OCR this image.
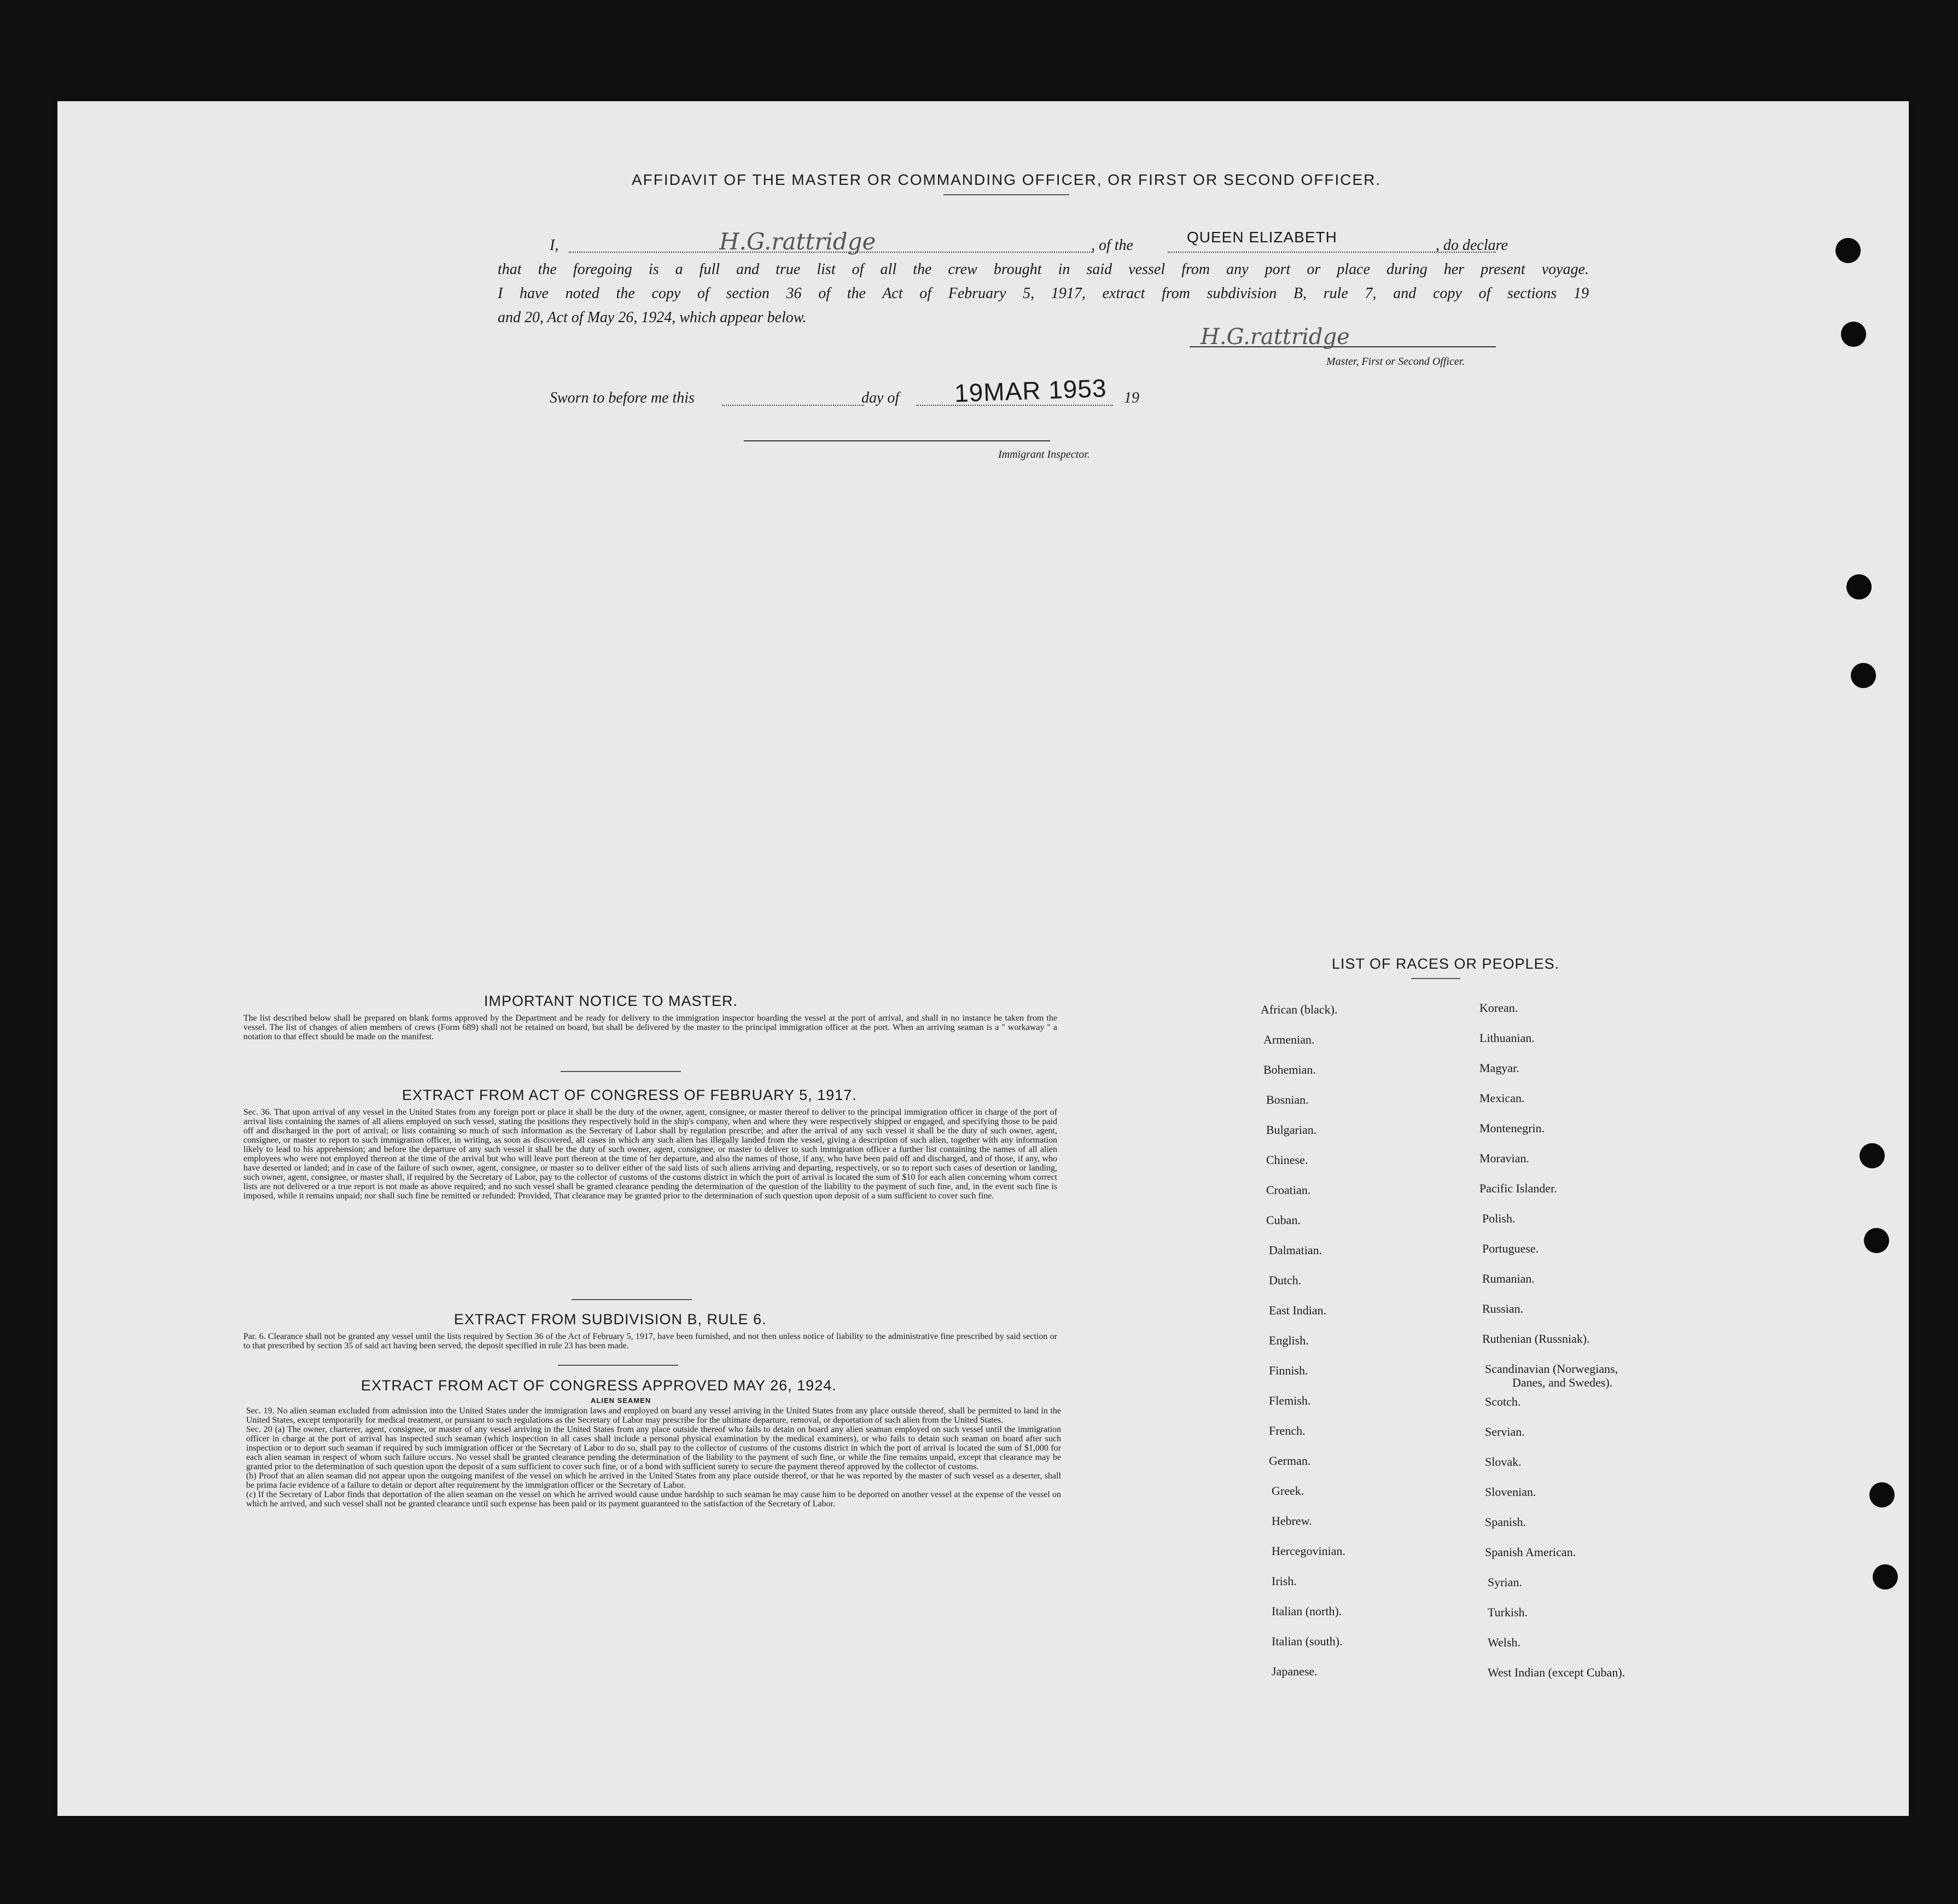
AFFIDAVIT OF THE MASTER OR COMMANDING OFFICER, OR FIRST OR SECOND OFFICER.
I,	H.G.rattridge	, of the	QUEEN ELIZABETH	, do declare
that the foregoing is a full and true list of all the crew brought in said vessel from any port or place during her present voyage.
I have noted the copy of section 36 of the Act of February 5, 1917, extract from subdivision B, rule 7, and copy of sections 19
and 20, Act of May 26, 1924, which appear below.
H.G.rattridge
Master, First or Second Officer.
Sworn to before me this	day of 19MAR 1953 19
Immigrant Inspector.
IMPORTANT NOTICE TO MASTER.
The list described below shall be prepared on blank forms approved by the Department and be ready for delivery to the immigration inspector boarding the vessel at the port of arrival, and shall in no instance be taken from the vessel. The list of changes of alien members of crews (Form 689) shall not be retained on board, but shall be delivered by the master to the principal immigration officer at the port. When an arriving seaman is a " workaway " a notation to that effect should be made on the manifest.
EXTRACT FROM ACT OF CONGRESS OF FEBRUARY 5, 1917.
Sec. 36. That upon arrival of any vessel in the United States from any foreign port or place it shall be the duty of the owner, agent, consignee, or master thereof to deliver to the principal immigration officer in charge of the port of arrival lists containing the names of all aliens employed on such vessel, stating the positions they respectively hold in the ship's company, when and where they were respectively shipped or engaged, and specifying those to be paid off and discharged in the port of arrival; or lists containing so much of such information as the Secretary of Labor shall by regulation prescribe; and after the arrival of any such vessel it shall be the duty of such owner, agent, consignee, or master to report to such immigration officer, in writing, as soon as discovered, all cases in which any such alien has illegally landed from the vessel, giving a description of such alien, together with any information likely to lead to his apprehension; and before the departure of any such vessel it shall be the duty of such owner, agent, consignee, or master to deliver to such immigration officer a further list containing the names of all alien employees who were not employed thereon at the time of the arrival but who will leave port thereon at the time of her departure, and also the names of those, if any, who have been paid off and discharged, and of those, if any, who have deserted or landed; and in case of the failure of such owner, agent, consignee, or master so to deliver either of the said lists of such aliens arriving and departing, respectively, or so to report such cases of desertion or landing, such owner, agent, consignee, or master shall, if required by the Secretary of Labor, pay to the collector of customs of the customs district in which the port of arrival is located the sum of $10 for each alien concerning whom correct lists are not delivered or a true report is not made as above required; and no such vessel shall be granted clearance pending the determination of the question of the liability to the payment of such fine, and, in the event such fine is imposed, while it remains unpaid; nor shall such fine be remitted or refunded: Provided, That clearance may be granted prior to the determination of such question upon deposit of a sum sufficient to cover such fine.
EXTRACT FROM SUBDIVISION B, RULE 6.
Par. 6. Clearance shall not be granted any vessel until the lists required by Section 36 of the Act of February 5, 1917, have been furnished, and not then unless notice of liability to the administrative fine prescribed by said section or to that prescribed by section 35 of said act having been served, the deposit specified in rule 23 has been made.
EXTRACT FROM ACT OF CONGRESS APPROVED MAY 26, 1924.
ALIEN SEAMEN
Sec. 19. No alien seaman excluded from admission into the United States under the immigration laws and employed on board any vessel arriving in the United States from any place outside thereof, shall be permitted to land in the United States, except temporarily for medical treatment, or pursuant to such regulations as the Secretary of Labor may prescribe for the ultimate departure, removal, or deportation of such alien from the United States.
Sec. 20 (a) The owner, charterer, agent, consignee, or master of any vessel arriving in the United States from any place outside thereof who fails to detain on board any alien seaman employed on such vessel until the immigration officer in charge at the port of arrival has inspected such seaman (which inspection in all cases shall include a personal physical examination by the medical examiners), or who fails to detain such seaman on board after such inspection or to deport such seaman if required by such immigration officer or the Secretary of Labor to do so, shall pay to the collector of customs of the customs district in which the port of arrival is located the sum of $1,000 for each alien seaman in respect of whom such failure occurs. No vessel shall be granted clearance pending the determination of the liability to the payment of such fine, or while the fine remains unpaid, except that clearance may be granted prior to the determination of such question upon the deposit of a sum sufficient to cover such fine, or of a bond with sufficient surety to secure the payment thereof approved by the collector of customs.
(b) Proof that an alien seaman did not appear upon the outgoing manifest of the vessel on which he arrived in the United States from any place outside thereof, or that he was reported by the master of such vessel as a deserter, shall be prima facie evidence of a failure to detain or deport after requirement by the immigration officer or the Secretary of Labor.
(c) If the Secretary of Labor finds that deportation of the alien seaman on the vessel on which he arrived would cause undue hardship to such seaman he may cause him to be deported on another vessel at the expense of the vessel on which he arrived, and such vessel shall not be granted clearance until such expense has been paid or its payment guaranteed to the satisfaction of the Secretary of Labor.
LIST OF RACES OR PEOPLES.
African (black).
Armenian.
Bohemian.
Bosnian.
Bulgarian.
Chinese.
Croatian.
Cuban.
Dalmatian.
Dutch.
East Indian.
English.
Finnish.
Flemish.
French.
German.
Greek.
Hebrew.
Hercegovinian.
Irish.
Italian (north).
Italian (south).
Japanese.
Korean.
Lithuanian.
Magyar.
Mexican.
Montenegrin.
Moravian.
Pacific Islander.
Polish.
Portuguese.
Rumanian.
Russian.
Ruthenian (Russniak).
Scandinavian (Norwegians,
Danes, and Swedes).
Scotch.
Servian.
Slovak.
Slovenian.
Spanish.
Spanish American.
Syrian.
Turkish.
Welsh.
West Indian (except Cuban).
